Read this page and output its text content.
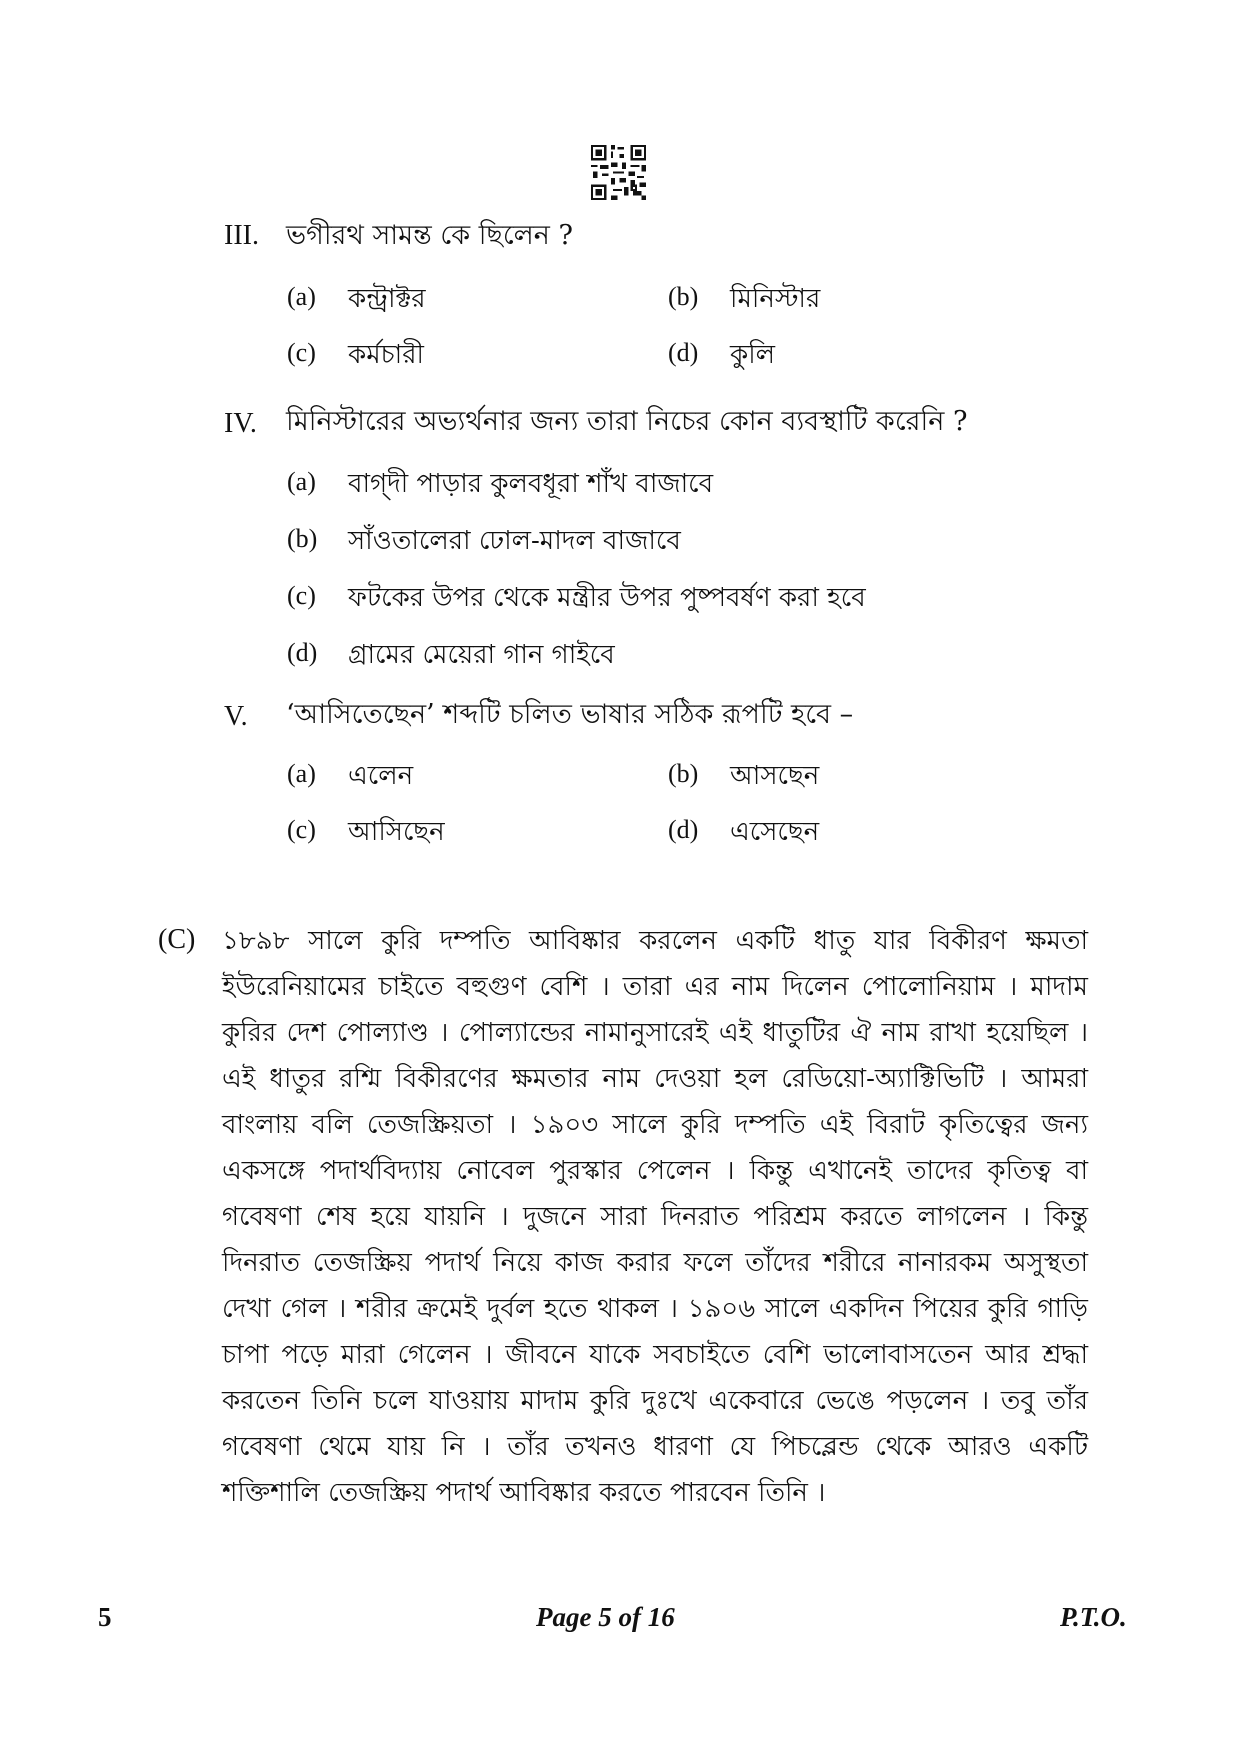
III. ভগীরথ সামন্ত কে ছিলেন ?
(a) কন্ট্রাক্টর	(b) মিনিস্টার
(c) কর্মচারী	(d) কুলি
IV. মিনিস্টারের অভ্যর্থনার জন্য তারা নিচের কোন ব্যবস্থাটি করেনি ?
(a) বাগ্‌দী পাড়ার কুলবধূরা শাঁখ বাজাবে
(b) সাঁওতালেরা ঢোল-মাদল বাজাবে
(c) ফটকের উপর থেকে মন্ত্রীর উপর পুষ্পবর্ষণ করা হবে
(d) গ্রামের মেয়েরা গান গাইবে
V. ‘আসিতেছেন’ শব্দটি চলিত ভাষার সঠিক রূপটি হবে –
(a) এলেন	(b) আসছেন
(c) আসিছেন	(d) এসেছেন
(C) ১৮৯৮ সালে কুরি দম্পতি আবিষ্কার করলেন একটি ধাতু যার বিকীরণ ক্ষমতা ইউরেনিয়ামের চাইতে বহুগুণ বেশি । তারা এর নাম দিলেন পোলোনিয়াম । মাদাম কুরির দেশ পোল্যাণ্ড । পোল্যান্ডের নামানুসারেই এই ধাতুটির ঐ নাম রাখা হয়েছিল । এই ধাতুর রশ্মি বিকীরণের ক্ষমতার নাম দেওয়া হল রেডিয়ো-অ্যাক্টিভিটি । আমরা বাংলায় বলি তেজস্ক্রিয়তা । ১৯০৩ সালে কুরি দম্পতি এই বিরাট কৃতিত্বের জন্য একসঙ্গে পদার্থবিদ্যায় নোবেল পুরস্কার পেলেন । কিন্তু এখানেই তাদের কৃতিত্ব বা গবেষণা শেষ হয়ে যায়নি । দুজনে সারা দিনরাত পরিশ্রম করতে লাগলেন । কিন্তু দিনরাত তেজস্ক্রিয় পদার্থ নিয়ে কাজ করার ফলে তাঁদের শরীরে নানারকম অসুস্থতা দেখা গেল । শরীর ক্রমেই দুর্বল হতে থাকল । ১৯০৬ সালে একদিন পিয়ের কুরি গাড়ি চাপা পড়ে মারা গেলেন । জীবনে যাকে সবচাইতে বেশি ভালোবাসতেন আর শ্রদ্ধা করতেন তিনি চলে যাওয়ায় মাদাম কুরি দুঃখে একেবারে ভেঙে পড়লেন । তবু তাঁর গবেষণা থেমে যায় নি । তাঁর তখনও ধারণা যে পিচব্লেন্ড থেকে আরও একটি শক্তিশালি তেজস্ক্রিয় পদার্থ আবিষ্কার করতে পারবেন তিনি ।
5	Page 5 of 16	P.T.O.
